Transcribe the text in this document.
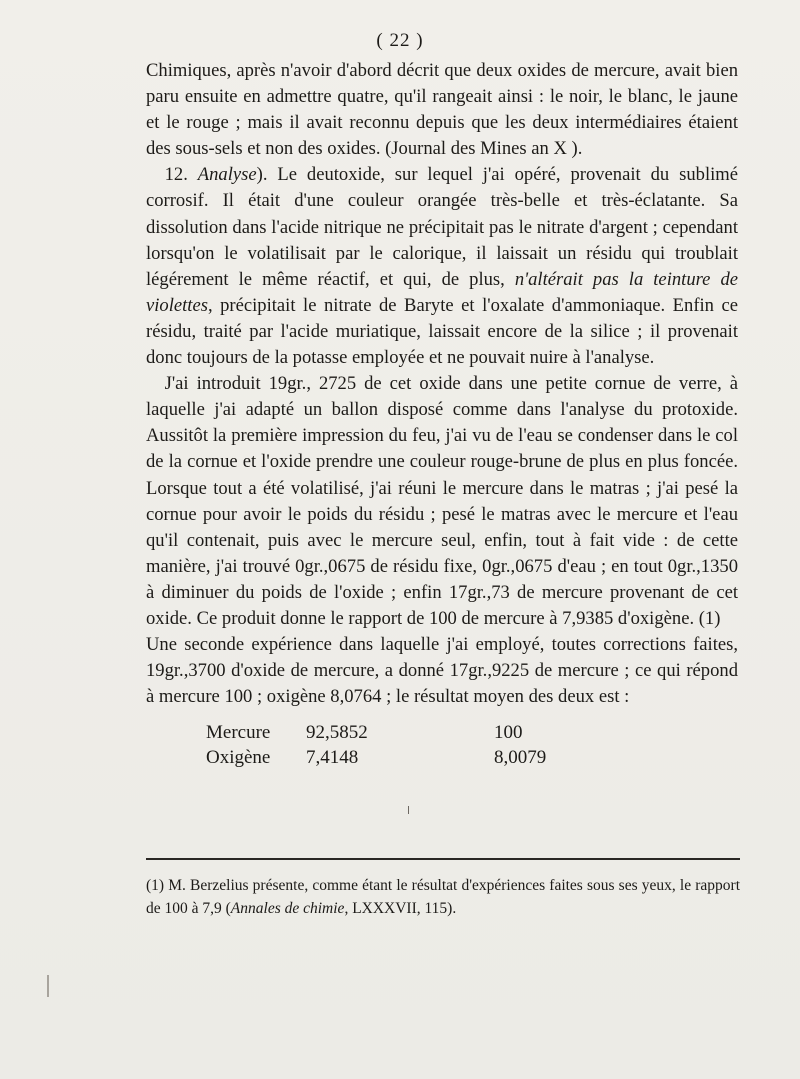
( 22 )

Chimiques, après n'avoir d'abord décrit que deux oxides de mercure, avait bien paru ensuite en admettre quatre, qu'il rangeait ainsi : le noir, le blanc, le jaune et le rouge ; mais il avait reconnu depuis que les deux intermédiaires étaient des sous-sels et non des oxides. (Journal des Mines an X ).

 12. Analyse). Le deutoxide, sur lequel j'ai opéré, provenait du sublimé corrosif. Il était d'une couleur orangée très-belle et très-éclatante. Sa dissolution dans l'acide nitrique ne précipitait pas le nitrate d'argent ; cependant lorsqu'on le volatilisait par le calorique, il laissait un résidu qui troublait légérement le même réactif, et qui, de plus, n'altérait pas la teinture de violettes, précipitait le nitrate de Baryte et l'oxalate d'ammoniaque. Enfin ce résidu, traité par l'acide muriatique, laissait encore de la silice ; il provenait donc toujours de la potasse employée et ne pouvait nuire à l'analyse.

 J'ai introduit 19gr., 2725 de cet oxide dans une petite cornue de verre, à laquelle j'ai adapté un ballon disposé comme dans l'analyse du protoxide. Aussitôt la première impression du feu, j'ai vu de l'eau se condenser dans le col de la cornue et l'oxide prendre une couleur rouge-brune de plus en plus foncée. Lorsque tout a été volatilisé, j'ai réuni le mercure dans le matras ; j'ai pesé la cornue pour avoir le poids du résidu ; pesé le matras avec le mercure et l'eau qu'il contenait, puis avec le mercure seul, enfin, tout à fait vide : de cette manière, j'ai trouvé 0gr.,0675 de résidu fixe, 0gr.,0675 d'eau ; en tout 0gr.,1350 à diminuer du poids de l'oxide ; enfin 17gr.,73 de mercure provenant de cet oxide. Ce produit donne le rapport de 100 de mercure à 7,9385 d'oxigène. (1)

Une seconde expérience dans laquelle j'ai employé, toutes corrections faites, 19gr.,3700 d'oxide de mercure, a donné 17gr.,9225 de mercure ; ce qui répond à mercure 100 ; oxigène 8,0764 ; le résultat moyen des deux est :

Mercure	92,5852	100
Oxigène	7,4148	8,0079
(1) M. Berzelius présente, comme étant le résultat d'expériences faites sous ses yeux, le rapport de 100 à 7,9 (Annales de chimie, LXXXVII, 115).
